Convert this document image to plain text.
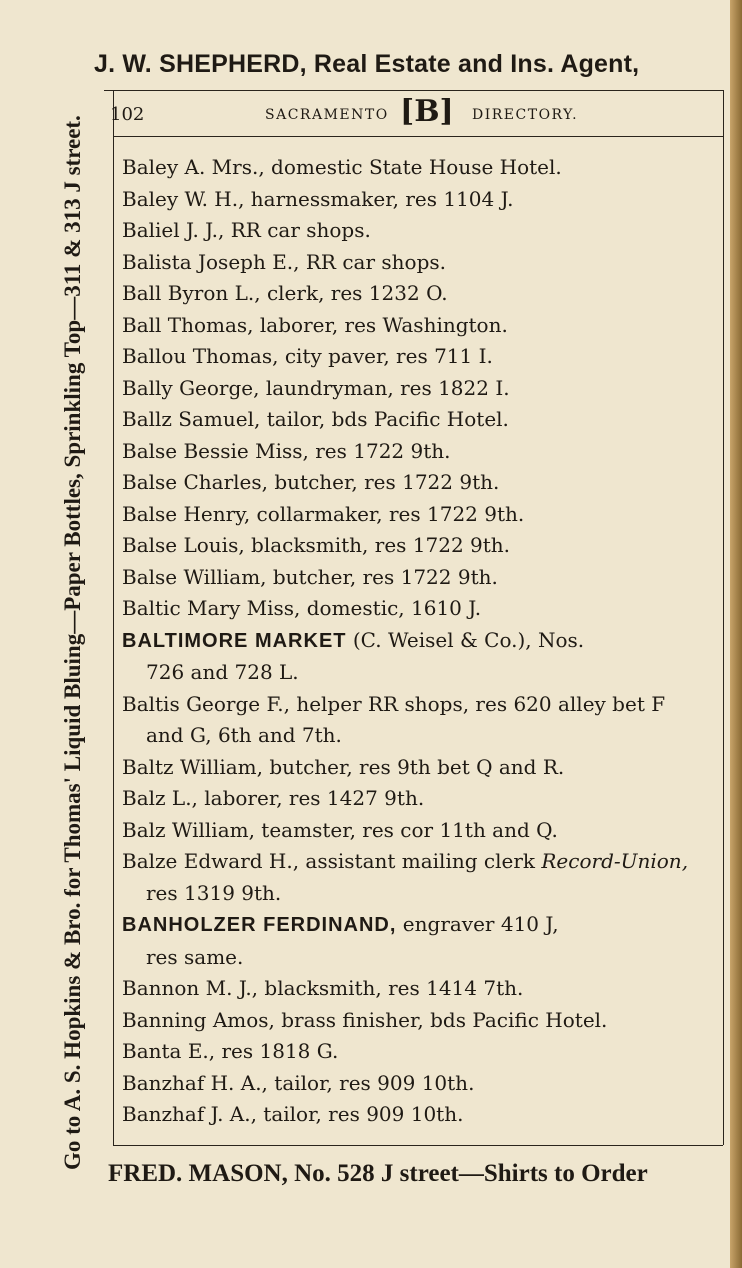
J. W. SHEPHERD, Real Estate and Ins. Agent,
Go to A. S. Hopkins & Bro. for Thomas' Liquid Bluing—Paper Bottles, Sprinkling Top—311 & 313 J street.
102	SACRAMENTO [B] DIRECTORY.
Baley A. Mrs., domestic State House Hotel.
Baley W. H., harnessmaker, res 1104 J.
Baliel J. J., RR car shops.
Balista Joseph E., RR car shops.
Ball Byron L., clerk, res 1232 O.
Ball Thomas, laborer, res Washington.
Ballou Thomas, city paver, res 711 I.
Bally George, laundryman, res 1822 I.
Ballz Samuel, tailor, bds Pacific Hotel.
Balse Bessie Miss, res 1722 9th.
Balse Charles, butcher, res 1722 9th.
Balse Henry, collarmaker, res 1722 9th.
Balse Louis, blacksmith, res 1722 9th.
Balse William, butcher, res 1722 9th.
Baltic Mary Miss, domestic, 1610 J.
BALTIMORE MARKET (C. Weisel & Co.), Nos.
726 and 728 L.
Baltis George F., helper RR shops, res 620 alley bet F
and G, 6th and 7th.
Baltz William, butcher, res 9th bet Q and R.
Balz L., laborer, res 1427 9th.
Balz William, teamster, res cor 11th and Q.
Balze Edward H., assistant mailing clerk Record-Union,
res 1319 9th.
BANHOLZER FERDINAND, engraver 410 J,
res same.
Bannon M. J., blacksmith, res 1414 7th.
Banning Amos, brass finisher, bds Pacific Hotel.
Banta E., res 1818 G.
Banzhaf H. A., tailor, res 909 10th.
Banzhaf J. A., tailor, res 909 10th.
FRED. MASON, No. 528 J street—Shirts to Order
